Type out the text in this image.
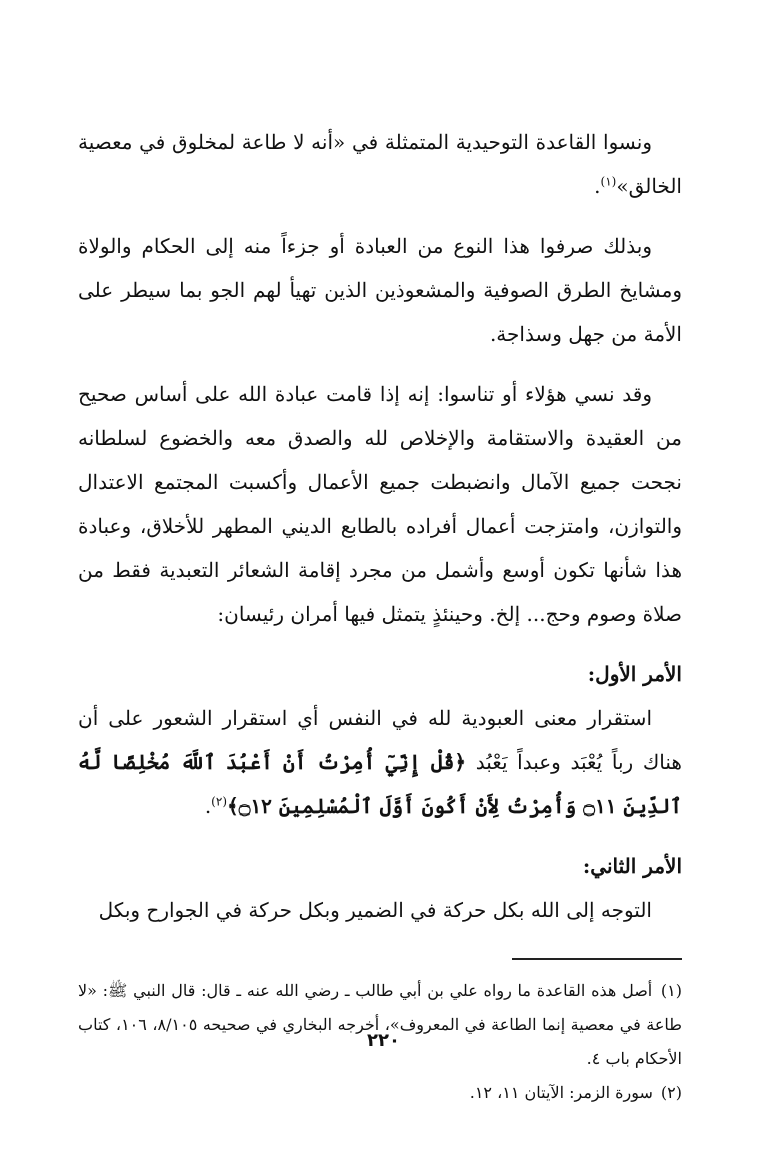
ونسوا القاعدة التوحيدية المتمثلة في «أنه لا طاعة لمخلوق في معصية الخالق»$^{(١)}$.

وبذلك صرفوا هذا النوع من العبادة أو جزءاً منه إلى الحكام والولاة ومشايخ الطرق الصوفية والمشعوذين الذين تهيأ لهم الجو بما سيطر على الأمة من جهل وسذاجة.

وقد نسي هؤلاء أو تناسوا: إنه إذا قامت عبادة الله على أساس صحيح من العقيدة والاستقامة والإخلاص لله والصدق معه والخضوع لسلطانه نجحت جميع الآمال وانضبطت جميع الأعمال وأكسبت المجتمع الاعتدال والتوازن، وامتزجت أعمال أفراده بالطابع الديني المطهر للأخلاق، وعبادة هذا شأنها تكون أوسع وأشمل من مجرد إقامة الشعائر التعبدية فقط من صلاة وصوم وحج... إلخ. وحينئذٍ يتمثل فيها أمران رئيسان:

الأمر الأول:

استقرار معنى العبودية لله في النفس أي استقرار الشعور على أن هناك رباً يُعْبَد وعبداً يَعْبُد ﴿قُلْ إِنِّيٓ أُمِرْتُ أَنْ أَعْبُدَ ٱللَّهَ مُخْلِصًا لَّهُ ٱلدِّينَ ۝١١ وَأُمِرْتُ لِأَنْ أَكُونَ أَوَّلَ ٱلْمُسْلِمِينَ ۝١٢﴾$^{(٢)}$.

الأمر الثاني:

التوجه إلى الله بكل حركة في الضمير وبكل حركة في الجوارح وبكل

(١) أصل هذه القاعدة ما رواه علي بن أبي طالب ـ رضي الله عنه ـ قال: قال النبي ﷺ: «لا طاعة في معصية إنما الطاعة في المعروف»، أخرجه البخاري في صحيحه ٨/١٠٥، ١٠٦، كتاب الأحكام باب ٤.

(٢) سورة الزمر: الآيتان ١١، ١٢.

٢٢٠
